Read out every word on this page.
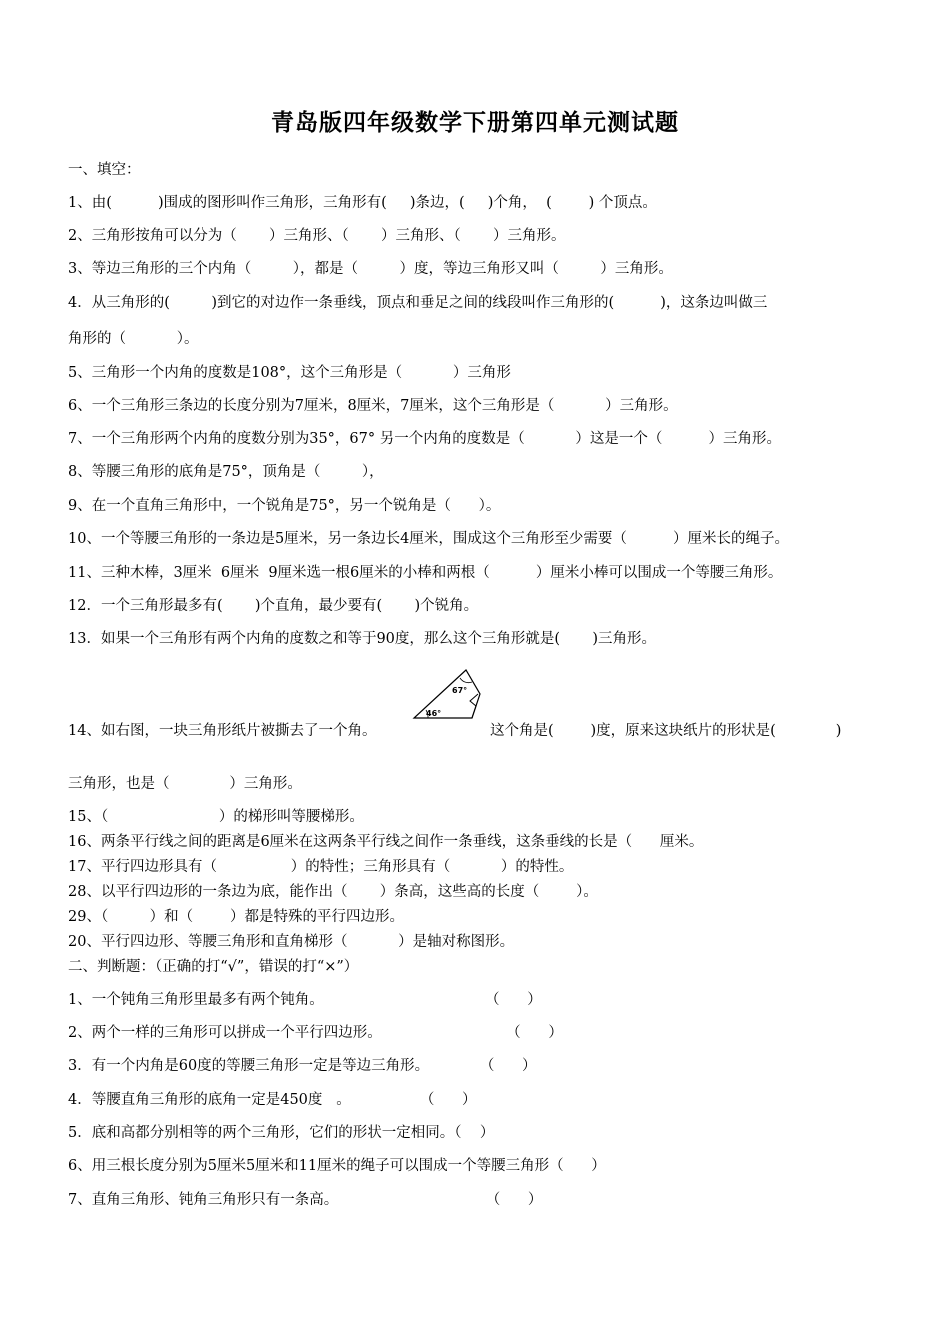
青岛版四年级数学下册第四单元测试题
一、填空：
1、由(          )围成的图形叫作三角形，三角形有(     )条边，(     )个角，  (        ) 个顶点。
2、三角形按角可以分为（       ）三角形、（       ）三角形、（       ）三角形。
3、等边三角形的三个内角（         ），都是（         ）度，等边三角形又叫（         ）三角形。
4．从三角形的(         )到它的对边作一条垂线，顶点和垂足之间的线段叫作三角形的(          )，这条边叫做三
角形的（           ）。
5、三角形一个内角的度数是108°，这个三角形是（           ）三角形
6、一个三角形三条边的长度分别为7厘米，8厘米，7厘米，这个三角形是（           ）三角形。
7、一个三角形两个内角的度数分别为35°，67° 另一个内角的度数是（           ）这是一个（          ）三角形。
8、等腰三角形的底角是75°，顶角是（         ），
9、在一个直角三角形中，一个锐角是75°，另一个锐角是（      ）。
10、一个等腰三角形的一条边是5厘米，另一条边长4厘米，围成这个三角形至少需要（          ）厘米长的绳子。
11、三种木棒，3厘米  6厘米  9厘米选一根6厘米的小棒和两根（          ）厘米小棒可以围成一个等腰三角形。
12．一个三角形最多有(       )个直角，最少要有(       )个锐角。
13．如果一个三角形有两个内角的度数之和等于90度，那么这个三角形就是(       )三角形。
14、如右图，一块三角形纸片被撕去了一个角。
67°
46°
这个角是(        )度，原来这块纸片的形状是(             )
三角形，也是（             ）三角形。
15、（                        ）的梯形叫等腰梯形。
16、两条平行线之间的距离是6厘米在这两条平行线之间作一条垂线，这条垂线的长是（      厘米。
17、平行四边形具有（                ）的特性；三角形具有（           ）的特性。
28、以平行四边形的一条边为底，能作出（       ）条高，这些高的长度（        ）。
29、（         ）和（        ）都是特殊的平行四边形。
20、平行四边形、等腰三角形和直角梯形（           ）是轴对称图形。
二、判断题：（正确的打“√”，错误的打“×”）
1、一个钝角三角形里最多有两个钝角。                                   （      ）
2、两个一样的三角形可以拼成一个平行四边形。                           （      ）
3．有一个内角是60度的等腰三角形一定是等边三角形。           （      ）
4．等腰直角三角形的底角一定是450度   。               （      ）
5．底和高都分别相等的两个三角形，它们的形状一定相同。（    ）
6、用三根长度分别为5厘米5厘米和11厘米的绳子可以围成一个等腰三角形（      ）
7、直角三角形、钝角三角形只有一条高。                                （      ）
